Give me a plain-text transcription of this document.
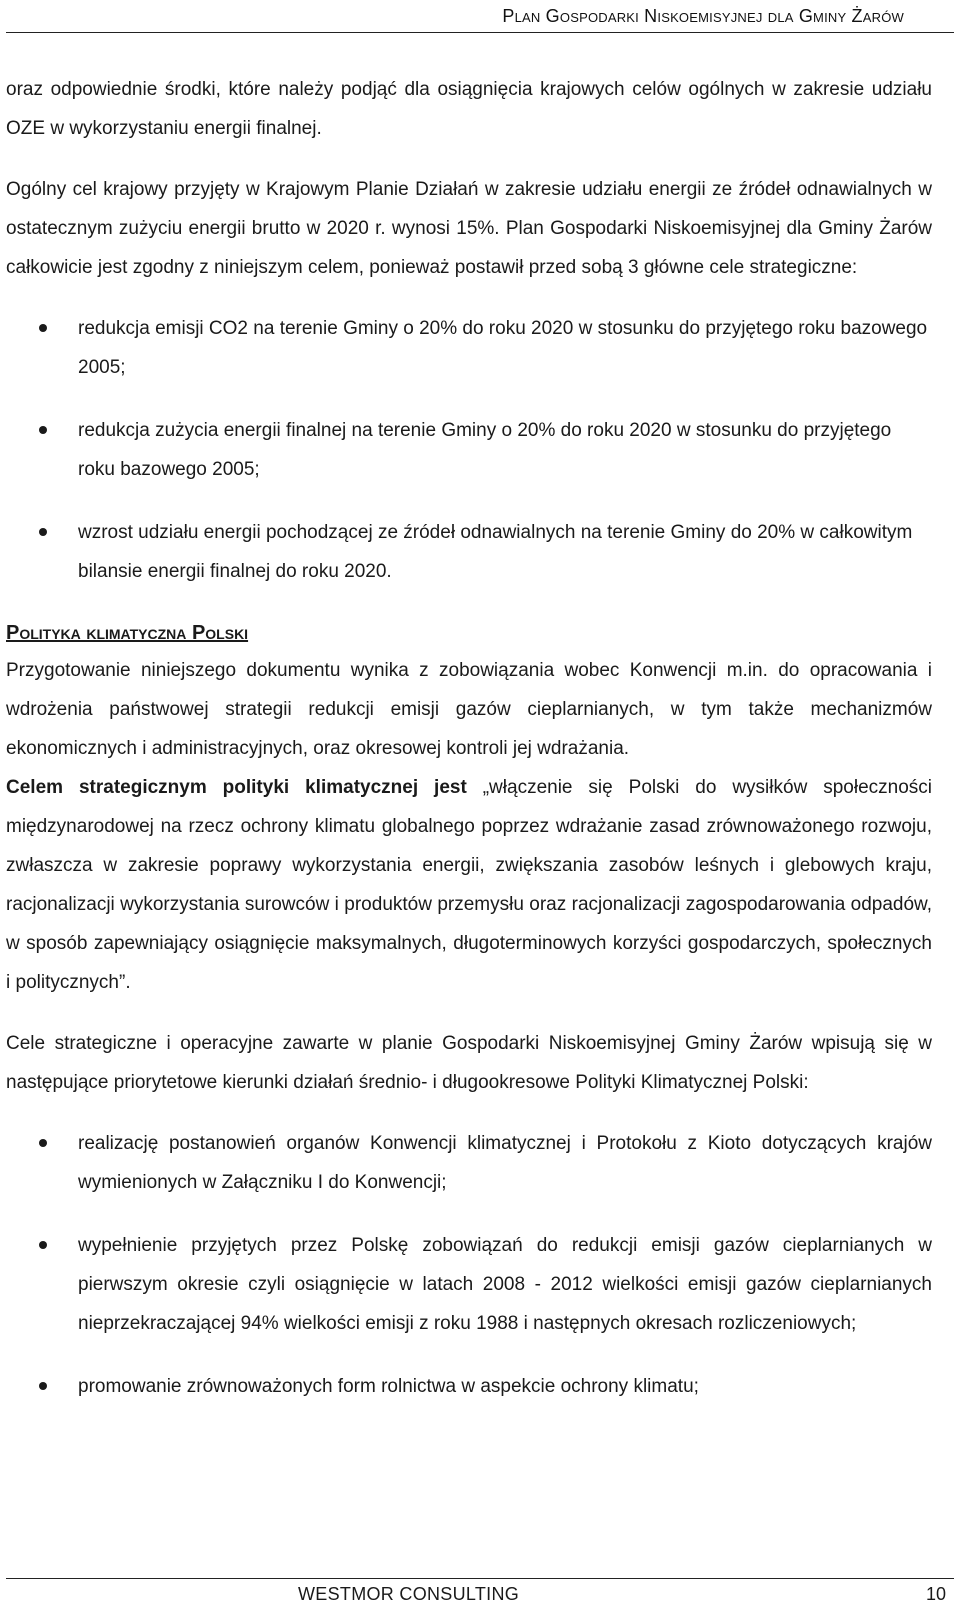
Plan Gospodarki Niskoemisyjnej dla Gminy Żarów

oraz odpowiednie środki, które należy podjąć dla osiągnięcia krajowych celów ogólnych w zakresie udziału OZE w wykorzystaniu energii finalnej.

Ogólny cel krajowy przyjęty w Krajowym Planie Działań w zakresie udziału energii ze źródeł odnawialnych w ostatecznym zużyciu energii brutto w 2020 r. wynosi 15%. Plan Gospodarki Niskoemisyjnej dla Gminy Żarów całkowicie jest zgodny z niniejszym celem, ponieważ postawił przed sobą 3 główne cele strategiczne:

redukcja emisji CO2 na terenie Gminy o 20% do roku 2020 w stosunku do przyjętego roku bazowego 2005;
redukcja zużycia energii finalnej na terenie Gminy o 20% do roku 2020 w stosunku do przyjętego roku bazowego 2005;
wzrost udziału energii pochodzącej ze źródeł odnawialnych na terenie Gminy do 20% w całkowitym bilansie energii finalnej do roku 2020.

Polityka klimatyczna Polski

Przygotowanie niniejszego dokumentu wynika z zobowiązania wobec Konwencji m.in. do opracowania i wdrożenia państwowej strategii redukcji emisji gazów cieplarnianych, w tym także mechanizmów ekonomicznych i administracyjnych, oraz okresowej kontroli jej wdrażania.

Celem strategicznym polityki klimatycznej jest „włączenie się Polski do wysiłków społeczności międzynarodowej na rzecz ochrony klimatu globalnego poprzez wdrażanie zasad zrównoważonego rozwoju, zwłaszcza w zakresie poprawy wykorzystania energii, zwiększania zasobów leśnych i glebowych kraju, racjonalizacji wykorzystania surowców i produktów przemysłu oraz racjonalizacji zagospodarowania odpadów, w sposób zapewniający osiągnięcie maksymalnych, długoterminowych korzyści gospodarczych, społecznych i politycznych”.

Cele strategiczne i operacyjne zawarte w planie Gospodarki Niskoemisyjnej Gminy Żarów wpisują się w następujące priorytetowe kierunki działań średnio- i długookresowe Polityki Klimatycznej Polski:

realizację postanowień organów Konwencji klimatycznej i Protokołu z Kioto dotyczących krajów wymienionych w Załączniku I do Konwencji;
wypełnienie przyjętych przez Polskę zobowiązań do redukcji emisji gazów cieplarnianych w pierwszym okresie czyli osiągnięcie w latach 2008 - 2012 wielkości emisji gazów cieplarnianych nieprzekraczającej 94% wielkości emisji z roku 1988 i następnych okresach rozliczeniowych;
promowanie zrównoważonych form rolnictwa w aspekcie ochrony klimatu;
WESTMOR CONSULTING	10
